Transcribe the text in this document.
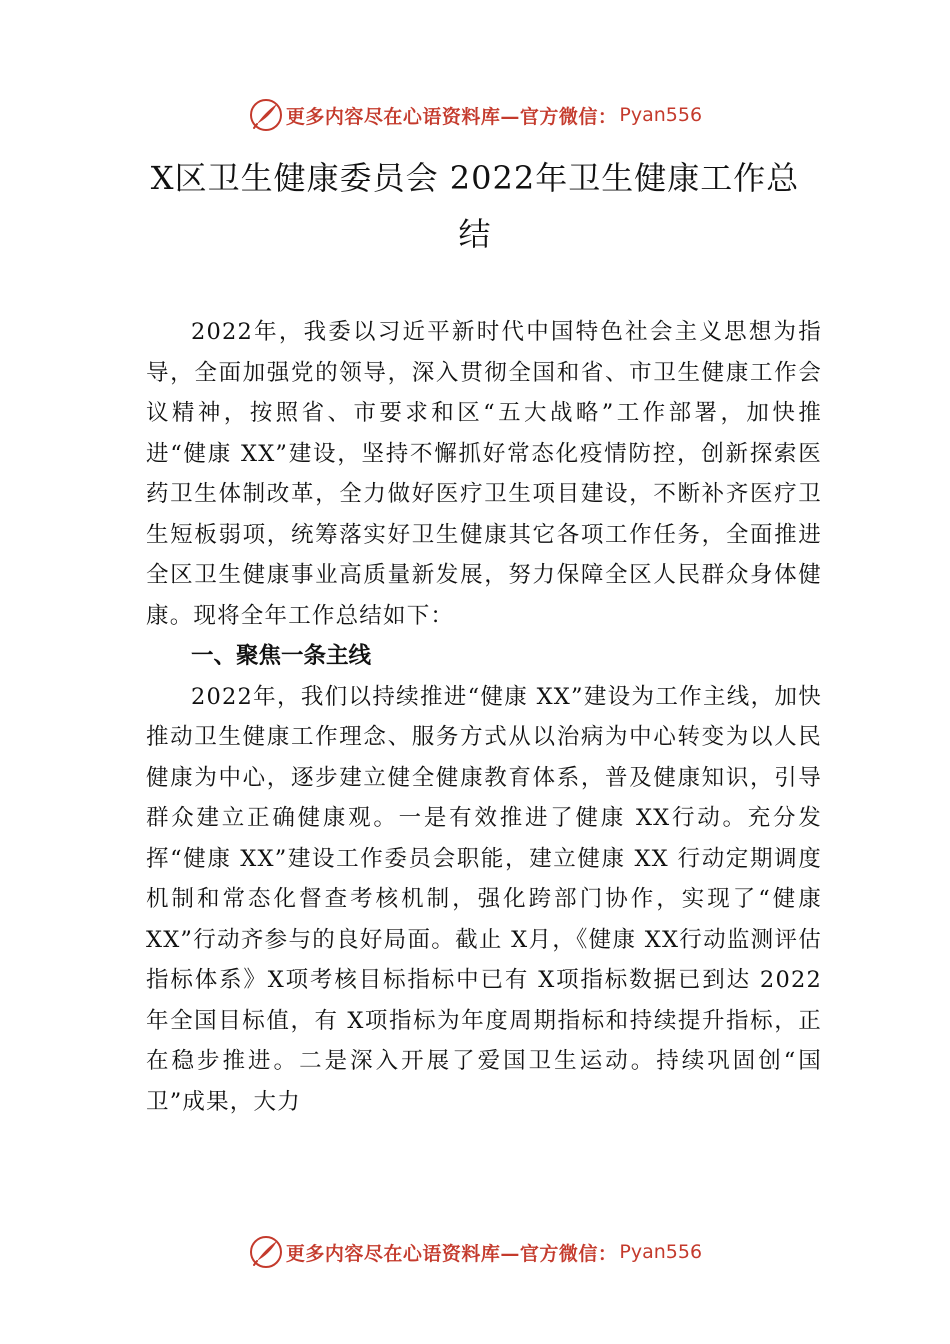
更多内容尽在心语资料库—官方微信： Pyan556
X区卫生健康委员会 2022年卫生健康工作总结

2022年，我委以习近平新时代中国特色社会主义思想为指导，全面加强党的领导，深入贯彻全国和省、市卫生健康工作会议精神，按照省、市要求和区“五大战略”工作部署，加快推进“健康 XX”建设，坚持不懈抓好常态化疫情防控，创新探索医药卫生体制改革，全力做好医疗卫生项目建设，不断补齐医疗卫生短板弱项，统筹落实好卫生健康其它各项工作任务，全面推进全区卫生健康事业高质量新发展，努力保障全区人民群众身体健康。现将全年工作总结如下：

一、聚焦一条主线

2022年，我们以持续推进“健康 XX”建设为工作主线，加快推动卫生健康工作理念、服务方式从以治病为中心转变为以人民健康为中心，逐步建立健全健康教育体系，普及健康知识，引导群众建立正确健康观。一是有效推进了健康 XX行动。充分发挥“健康 XX”建设工作委员会职能，建立健康 XX 行动定期调度机制和常态化督查考核机制，强化跨部门协作，实现了“健康 XX”行动齐参与的良好局面。截止 X月，《健康 XX行动监测评估指标体系》X项考核目标指标中已有 X项指标数据已到达 2022年全国目标值，有 X项指标为年度周期指标和持续提升指标，正在稳步推进。二是深入开展了爱国卫生运动。持续巩固创“国卫”成果，大力

更多内容尽在心语资料库—官方微信： Pyan556
